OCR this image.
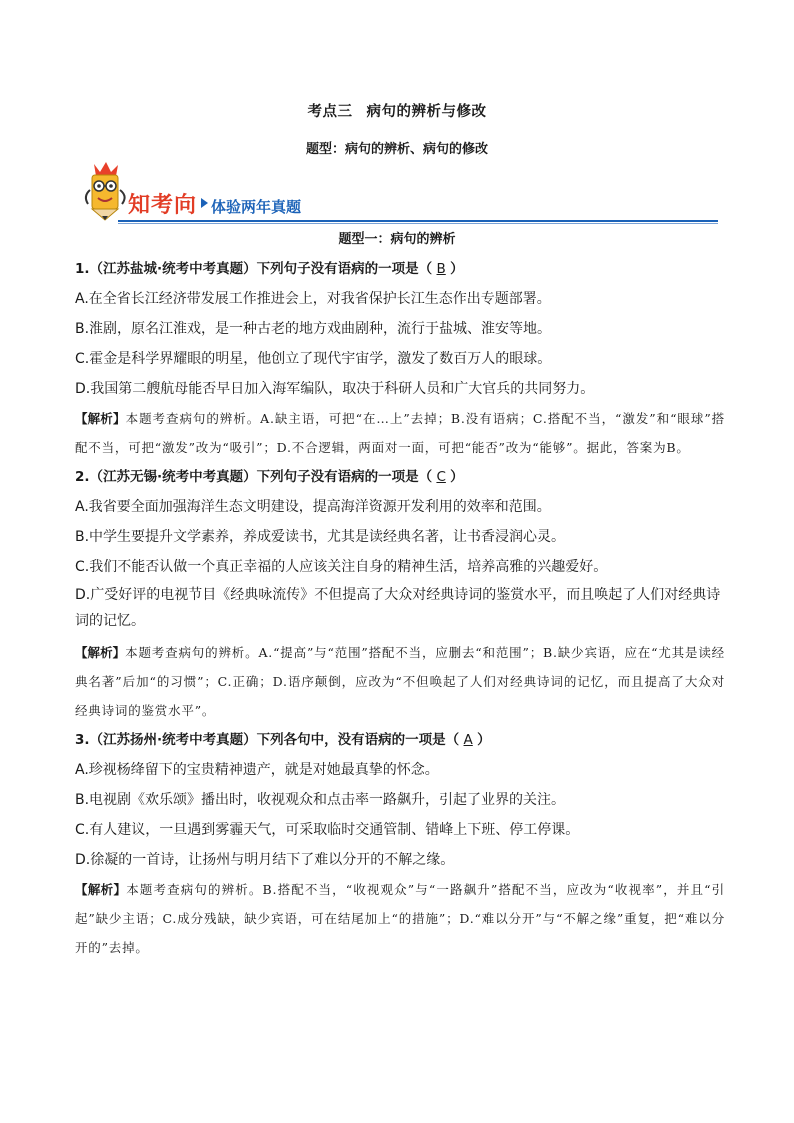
考点三 病句的辨析与修改
题型：病句的辨析、病句的修改
知考向 体验两年真题
题型一：病句的辨析
1.（江苏盐城·统考中考真题）下列句子没有语病的一项是（ B ）
A.在全省长江经济带发展工作推进会上，对我省保护长江生态作出专题部署。
B.淮剧，原名江淮戏，是一种古老的地方戏曲剧种，流行于盐城、淮安等地。
C.霍金是科学界耀眼的明星，他创立了现代宇宙学，激发了数百万人的眼球。
D.我国第二艘航母能否早日加入海军编队，取决于科研人员和广大官兵的共同努力。
【解析】本题考查病句的辨析。A.缺主语，可把“在…上”去掉；B.没有语病；C.搭配不当，“激发”和“眼球”搭配不当，可把“激发”改为“吸引”；D.不合逻辑，两面对一面，可把“能否”改为“能够”。据此，答案为B。
2.（江苏无锡·统考中考真题）下列句子没有语病的一项是（ C ）
A.我省要全面加强海洋生态文明建设，提高海洋资源开发利用的效率和范围。
B.中学生要提升文学素养，养成爱读书，尤其是读经典名著，让书香浸润心灵。
C.我们不能否认做一个真正幸福的人应该关注自身的精神生活，培养高雅的兴趣爱好。
D.广受好评的电视节目《经典咏流传》不但提高了大众对经典诗词的鉴赏水平，而且唤起了人们对经典诗词的记忆。
【解析】本题考查病句的辨析。A.“提高”与“范围”搭配不当，应删去“和范围”；B.缺少宾语，应在“尤其是读经典名著”后加“的习惯”；C.正确；D.语序颠倒，应改为“不但唤起了人们对经典诗词的记忆，而且提高了大众对经典诗词的鉴赏水平”。
3.（江苏扬州·统考中考真题）下列各句中，没有语病的一项是（ A ）
A.珍视杨绛留下的宝贵精神遗产，就是对她最真挚的怀念。
B.电视剧《欢乐颂》播出时，收视观众和点击率一路飙升，引起了业界的关注。
C.有人建议，一旦遇到雾霾天气，可采取临时交通管制、错峰上下班、停工停课。
D.徐凝的一首诗，让扬州与明月结下了难以分开的不解之缘。
【解析】本题考查病句的辨析。B.搭配不当，“收视观众”与“一路飙升”搭配不当，应改为“收视率”，并且“引起”缺少主语；C.成分残缺，缺少宾语，可在结尾加上“的措施”；D.“难以分开”与“不解之缘”重复，把“难以分开的”去掉。
